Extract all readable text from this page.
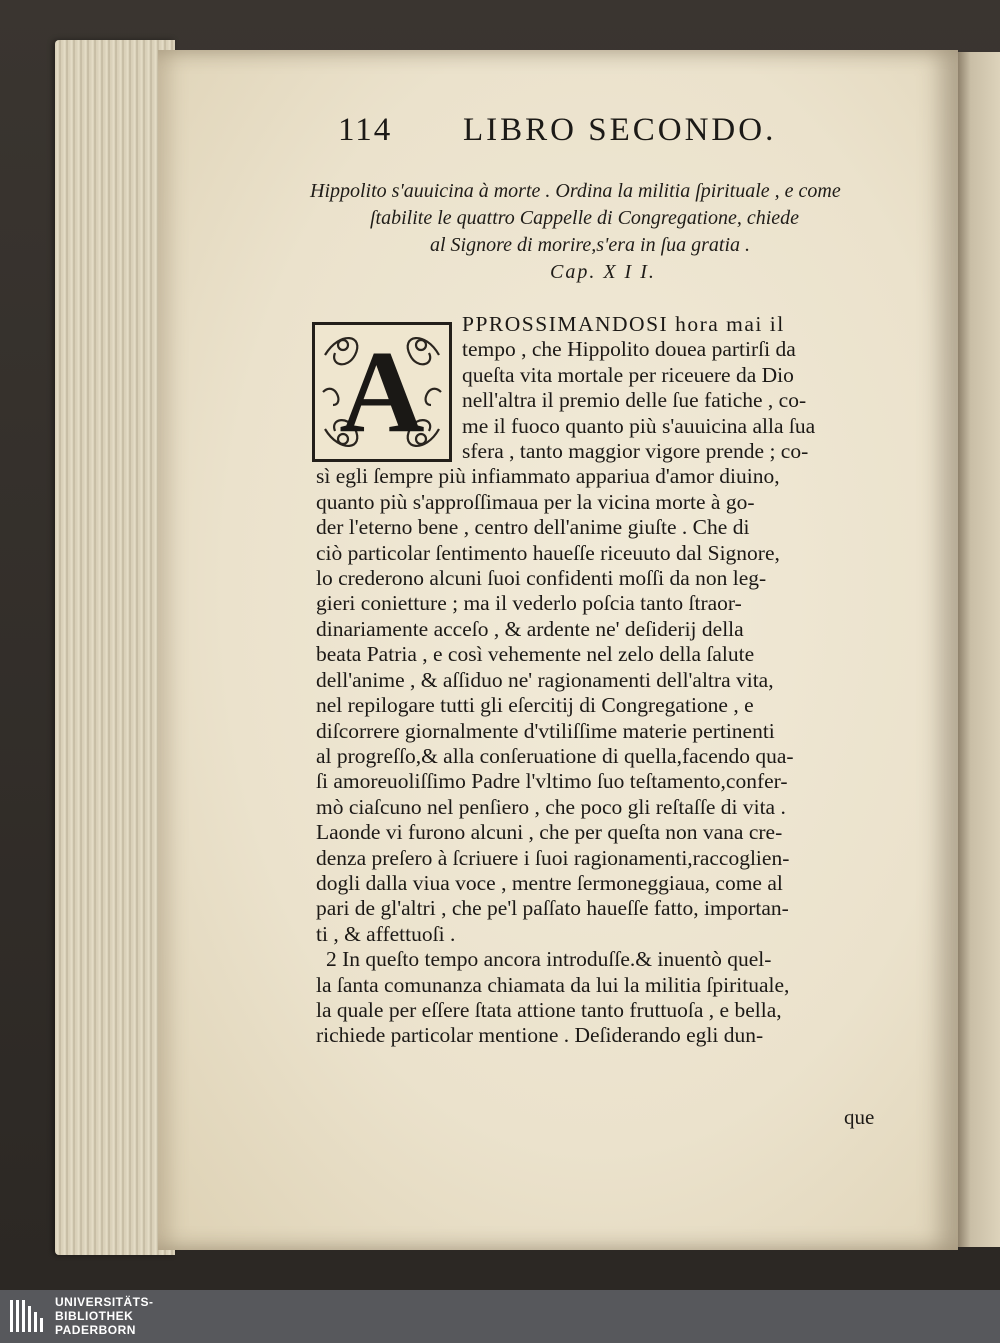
114 LIBRO SECONDO.
Hippolito s'auuicina à morte . Ordina la militia ſpirituale , e come
ſtabilite le quattro Cappelle di Congregatione, chiede
al Signore di morire,s'era in ſua gratia .
Cap. X I I.
A
PPROSSIMANDOSI hora mai il
tempo , che Hippolito doueа partirſi da
queſta vita mortale per riceuere da Dio
nell'altra il premio delle ſue fatiche , co-
me il fuoco quanto più s'auuicina alla ſua
sfera , tanto maggior vigore prende ; co-
sì egli ſempre più infiammato appariua d'amor diuino,
quanto più s'approſſimaua per la vicina morte à go-
der l'eterno bene , centro dell'anime giuſte . Che di
ciò particolar ſentimento haueſſe riceuuto dal Signore,
lo crederono alcuni ſuoi confidenti moſſi da non leg-
gieri conietture ; ma il vederlo poſcia tanto ſtraor-
dinariamente acceſo , & ardente ne' deſiderij della
beata Patria , e così vehemente nel zelo della ſalute
dell'anime , & aſſiduo ne' ragionamenti dell'altra vita,
nel repilogare tutti gli eſercitij di Congregatione , e
diſcorrere giornalmente d'vtiliſſime materie pertinenti
al progreſſo,& alla conſeruatione di quella,facendo qua-
ſi amoreuoliſſimo Padre l'vltimo ſuo teſtamento,confer-
mò ciaſcuno nel penſiero , che poco gli reſtaſſe di vita .
Laonde vi furono alcuni , che per queſta non vana cre-
denza preſero à ſcriuere i ſuoi ragionamenti,raccoglien-
dogli dalla viua voce , mentre ſermoneggiaua, come al
pari de gl'altri , che pe'l paſſato haueſſe fatto, importan-
ti , & affettuoſi .
2 In queſto tempo ancora introduſſe.& inuentò quel-
la ſanta comunanza chiamata da lui la militia ſpirituale,
la quale per eſſere ſtata attione tanto fruttuoſa , e bella,
richiede particolar mentione . Deſiderando egli dun-
que
UNIVERSITÄTS-
BIBLIOTHEK
PADERBORN
